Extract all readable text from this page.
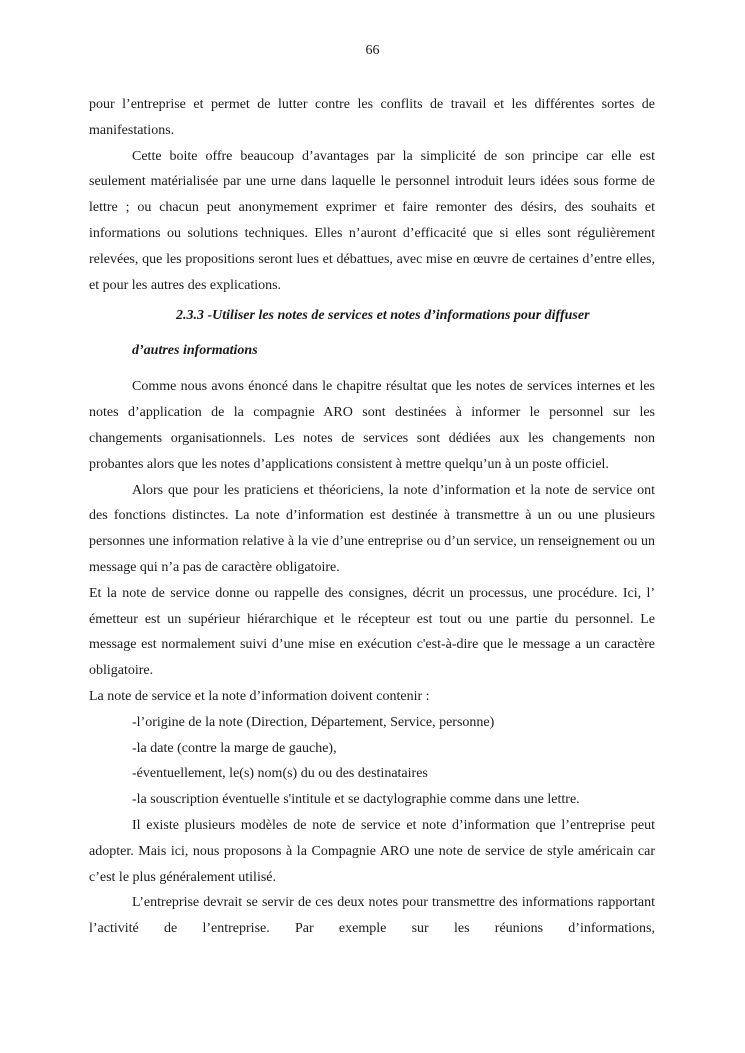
66

pour l’entreprise et permet de lutter contre les conflits de travail et les différentes sortes de manifestations.

Cette boite offre beaucoup d’avantages par la simplicité de son principe car elle est seulement matérialisée par une urne dans laquelle le personnel introduit leurs idées sous forme de lettre ; ou chacun peut anonymement exprimer et faire remonter des désirs, des souhaits et informations ou solutions techniques. Elles n’auront d’efficacité que si elles sont régulièrement relevées, que les propositions seront lues et débattues, avec mise en œuvre de certaines d’entre elles, et pour les autres des explications.

2.3.3 -Utiliser les notes de services et notes d’informations pour diffuser
d’autres informations

Comme nous avons énoncé dans le chapitre résultat que les notes de services internes et les notes d’application de la compagnie ARO sont destinées à informer le personnel sur les changements organisationnels. Les notes de services sont dédiées aux les changements non probantes alors que les notes d’applications consistent à mettre quelqu’un à un poste officiel.

Alors que pour les praticiens et théoriciens, la note d’information et la note de service ont des fonctions distinctes. La note d’information est destinée à transmettre à un ou une plusieurs personnes une information relative à la vie d’une entreprise ou d’un service, un renseignement ou un message qui n’a pas de caractère obligatoire.

Et la note de service donne ou rappelle des consignes, décrit un processus, une procédure. Ici, l’ émetteur est un supérieur hiérarchique et le récepteur est tout ou une partie du personnel. Le message est normalement suivi d’une mise en exécution c'est-à-dire que le message a un caractère obligatoire.

La note de service et la note d’information doivent contenir :

-l’origine de la note (Direction, Département, Service, personne)

-la date (contre la marge de gauche),

-éventuellement, le(s) nom(s) du ou des destinataires

-la souscription éventuelle s'intitule et se dactylographie comme dans une lettre.

Il existe plusieurs modèles de note de service et note d’information que l’entreprise peut adopter. Mais ici, nous proposons à la Compagnie ARO une note de service de style américain car c’est le plus généralement utilisé.

L’entreprise devrait se servir de ces deux notes pour transmettre des informations rapportant l’activité de l’entreprise. Par exemple sur les réunions d’informations,
